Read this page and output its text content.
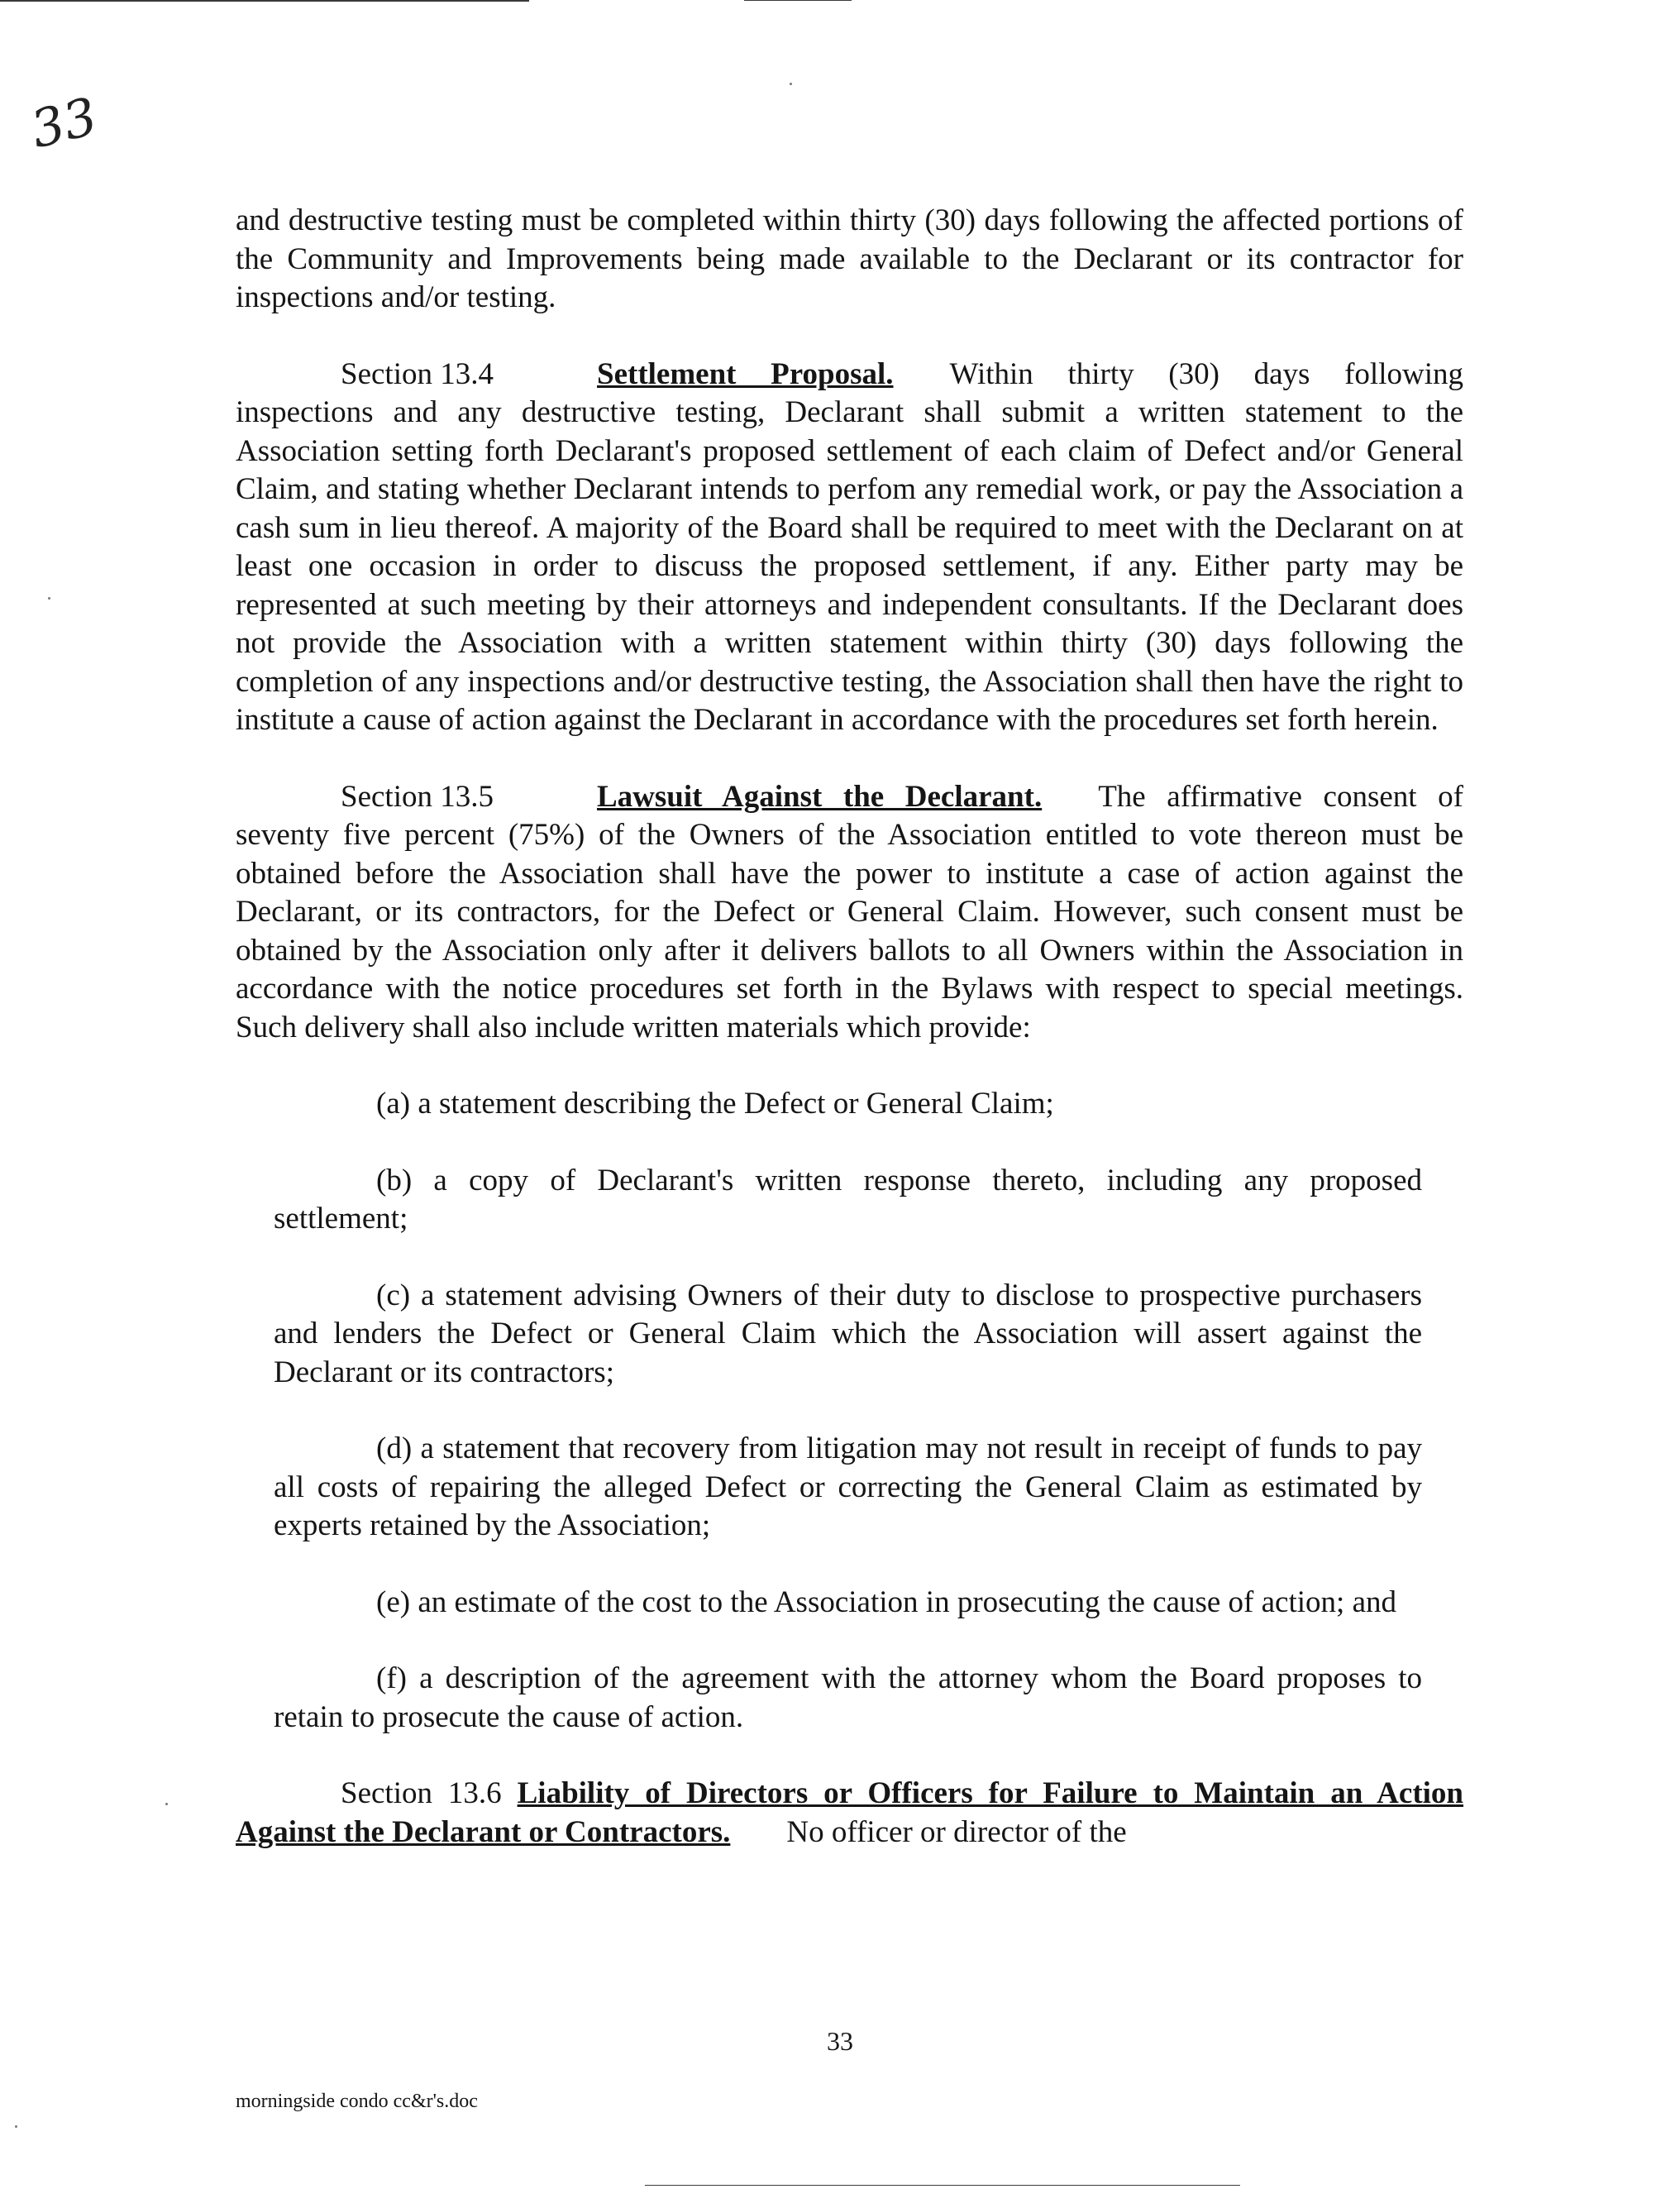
33

and destructive testing must be completed within thirty (30) days following the affected portions of the Community and Improvements being made available to the Declarant or its contractor for inspections and/or testing.

Section 13.4	Settlement Proposal. Within thirty (30) days following inspections and any destructive testing, Declarant shall submit a written statement to the Association setting forth Declarant's proposed settlement of each claim of Defect and/or General Claim, and stating whether Declarant intends to perfom any remedial work, or pay the Association a cash sum in lieu thereof. A majority of the Board shall be required to meet with the Declarant on at least one occasion in order to discuss the proposed settlement, if any. Either party may be represented at such meeting by their attorneys and independent consultants. If the Declarant does not provide the Association with a written statement within thirty (30) days following the completion of any inspections and/or destructive testing, the Association shall then have the right to institute a cause of action against the Declarant in accordance with the procedures set forth herein.

Section 13.5	Lawsuit Against the Declarant. The affirmative consent of seventy five percent (75%) of the Owners of the Association entitled to vote thereon must be obtained before the Association shall have the power to institute a case of action against the Declarant, or its contractors, for the Defect or General Claim. However, such consent must be obtained by the Association only after it delivers ballots to all Owners within the Association in accordance with the notice procedures set forth in the Bylaws with respect to special meetings. Such delivery shall also include written materials which provide:

(a) a statement describing the Defect or General Claim;

(b) a copy of Declarant's written response thereto, including any proposed settlement;

(c) a statement advising Owners of their duty to disclose to prospective purchasers and lenders the Defect or General Claim which the Association will assert against the Declarant or its contractors;

(d) a statement that recovery from litigation may not result in receipt of funds to pay all costs of repairing the alleged Defect or correcting the General Claim as estimated by experts retained by the Association;

(e) an estimate of the cost to the Association in prosecuting the cause of action; and

(f) a description of the agreement with the attorney whom the Board proposes to retain to prosecute the cause of action.

Section 13.6 Liability of Directors or Officers for Failure to Maintain an Action Against the Declarant or Contractors. No officer or director of the

33
morningside condo cc&r's.doc
